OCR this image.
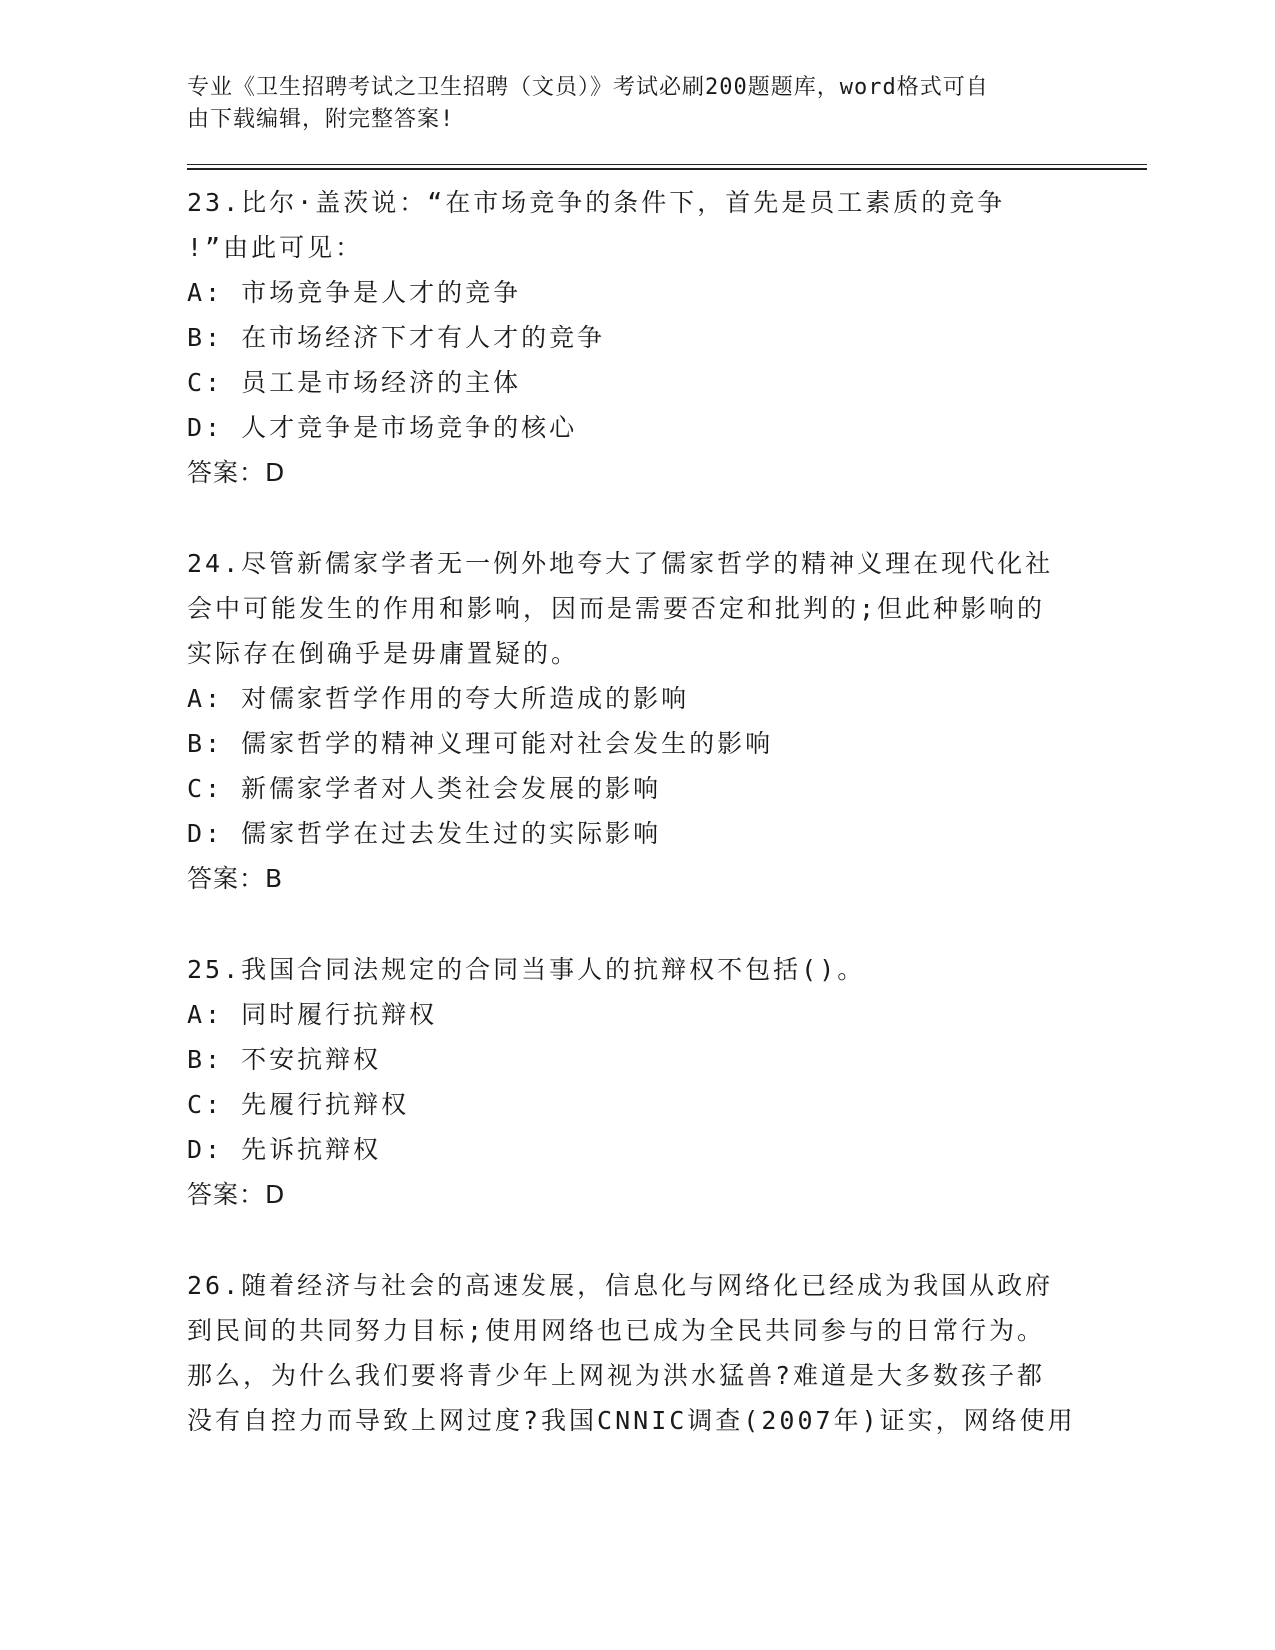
专业《卫生招聘考试之卫生招聘（文员）》考试必刷200题题库，word格式可自
由下载编辑，附完整答案!
23.比尔·盖茨说：“在市场竞争的条件下，首先是员工素质的竞争
!”由此可见：
A: 市场竞争是人才的竞争
B: 在市场经济下才有人才的竞争
C: 员工是市场经济的主体
D: 人才竞争是市场竞争的核心
答案：D
24.尽管新儒家学者无一例外地夸大了儒家哲学的精神义理在现代化社
会中可能发生的作用和影响，因而是需要否定和批判的;但此种影响的
实际存在倒确乎是毋庸置疑的。
A: 对儒家哲学作用的夸大所造成的影响
B: 儒家哲学的精神义理可能对社会发生的影响
C: 新儒家学者对人类社会发展的影响
D: 儒家哲学在过去发生过的实际影响
答案：B
25.我国合同法规定的合同当事人的抗辩权不包括()。
A: 同时履行抗辩权
B: 不安抗辩权
C: 先履行抗辩权
D: 先诉抗辩权
答案：D
26.随着经济与社会的高速发展，信息化与网络化已经成为我国从政府
到民间的共同努力目标;使用网络也已成为全民共同参与的日常行为。
那么，为什么我们要将青少年上网视为洪水猛兽?难道是大多数孩子都
没有自控力而导致上网过度?我国CNNIC调查(2007年)证实，网络使用
